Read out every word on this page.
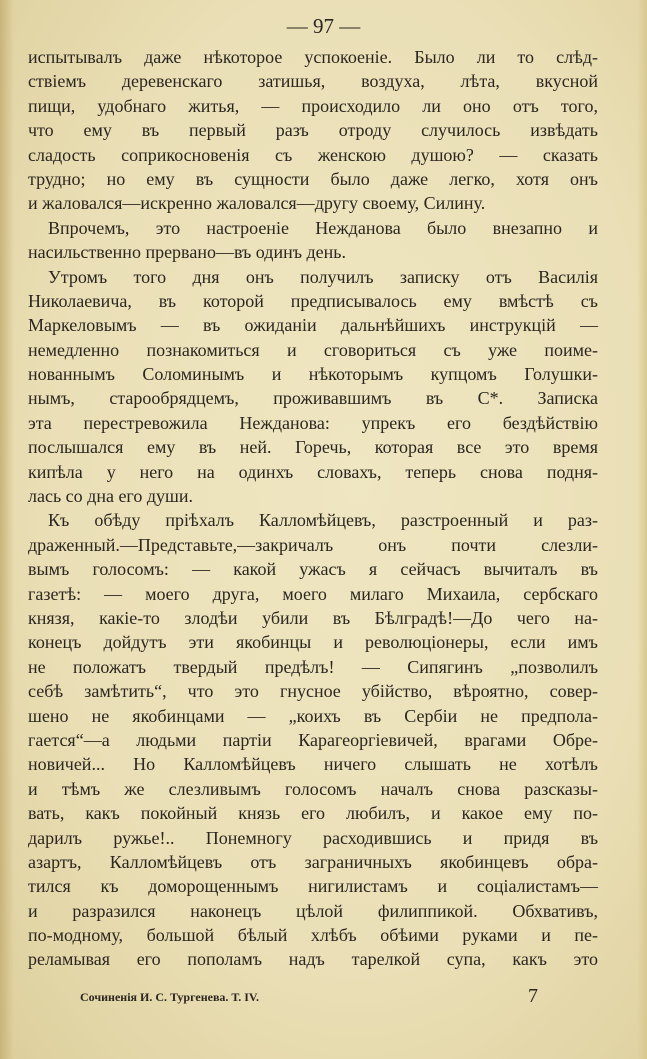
— 97 —
испытывалъ даже нѣкоторое успокоеніе. Было ли то слѣд-
ствіемъ деревенскаго затишья, воздуха, лѣта, вкусной
пищи, удобнаго житья, — происходило ли оно отъ того,
что ему въ первый разъ отроду случилось извѣдать
сладость соприкосновенія съ женскою душою? — сказать
трудно; но ему въ сущности было даже легко, хотя онъ
и жаловался—искренно жаловался—другу своему, Силину.
Впрочемъ, это настроеніе Нежданова было внезапно и
насильственно прервано—въ одинъ день.
Утромъ того дня онъ получилъ записку отъ Василія
Николаевича, въ которой предписывалось ему вмѣстѣ съ
Маркеловымъ — въ ожиданіи дальнѣйшихъ инструкцій —
немедленно познакомиться и сговориться съ уже поиме-
нованнымъ Соломинымъ и нѣкоторымъ купцомъ Голушки-
нымъ, старообрядцемъ, проживавшимъ въ С*. Записка
эта перестревожила Нежданова: упрекъ его бездѣйствію
послышался ему въ ней. Горечь, которая все это время
кипѣла у него на одинхъ словахъ, теперь снова подня-
лась со дна его души.
Къ обѣду пріѣхалъ Калломѣйцевъ, разстроенный и раз-
драженный.—Представьте,—закричалъ онъ почти слезли-
вымъ голосомъ: — какой ужасъ я сейчасъ вычиталъ въ
газетѣ: — моего друга, моего милаго Михаила, сербскаго
князя, какіе-то злодѣи убили въ Бѣлградѣ!—До чего на-
конецъ дойдутъ эти якобинцы и революціонеры, если имъ
не положатъ твердый предѣлъ! — Сипягинъ „позволилъ
себѣ замѣтить“, что это гнусное убійство, вѣроятно, совер-
шено не якобинцами — „коихъ въ Сербіи не предпола-
гается“—а людьми партіи Карагеоргіевичей, врагами Обре-
новичей... Но Калломѣйцевъ ничего слышать не хотѣлъ
и тѣмъ же слезливымъ голосомъ началъ снова разсказы-
вать, какъ покойный князь его любилъ, и какое ему по-
дарилъ ружье!.. Понемногу расходившись и придя въ
азартъ, Калломѣйцевъ отъ заграничныхъ якобинцевъ обра-
тился къ доморощеннымъ нигилистамъ и соціалистамъ—
и разразился наконецъ цѣлой филиппикой. Обхвативъ,
по-модному, большой бѣлый хлѣбъ обѣими руками и пе-
реламывая его пополамъ надъ тарелкой супа, какъ это
Сочиненія И. С. Тургенева. Т. IV.	7
